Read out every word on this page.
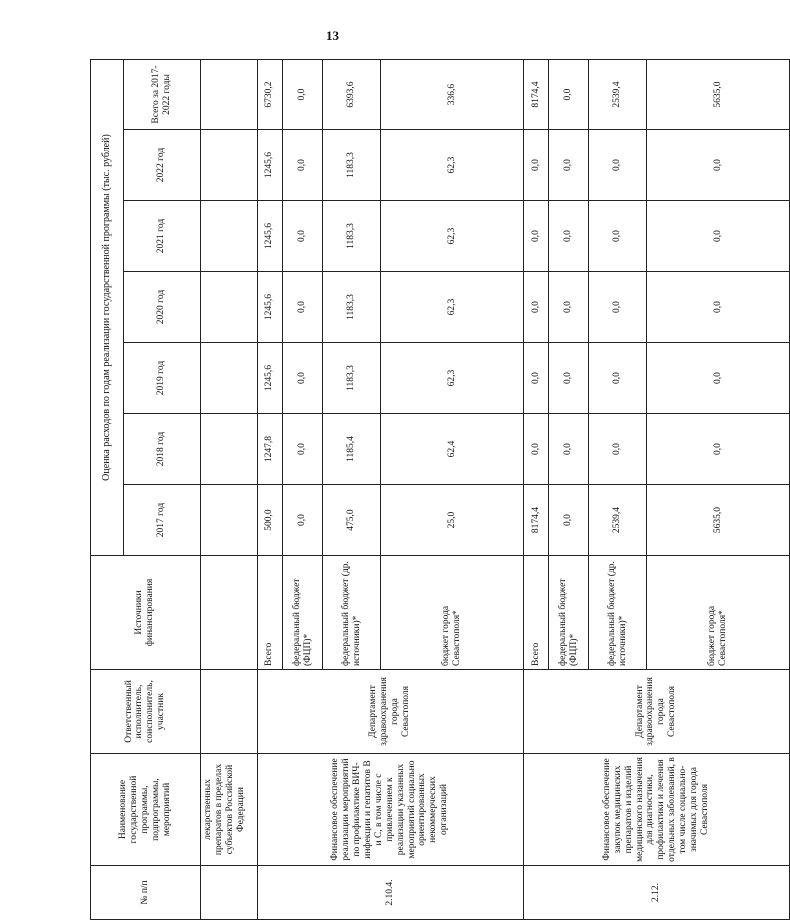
13
№ п/п	Наименование государственной программы, подпрограммы, мероприятий	Ответственный исполнитель, соисполнитель, участник	Источники финансирования	Оценка расходов по годам реализации государственной программы (тыс. рублей)						
				2017 год	2018 год	2019 год	2020 год	2021 год	2022 год	Всего за 2017-2022 годы
	лекарственных препаратов в пределах субъектов Российской Федерации									
2.10.4.	Финансовое обеспечение реализации мероприятий по профилактике ВИЧ-инфекции и гепатитов В и С, в том числе с привлечением к реализации указанных мероприятий социально ориентированных некоммерческих организаций	Департамент здравоохранения города Севастополя	Всего	500,0	1247,8	1245,6	1245,6	1245,6	1245,6	6730,2
			федеральный бюджет (ФЦП)*	0,0	0,0	0,0	0,0	0,0	0,0	0,0
			федеральный бюджет (др. источники)*	475,0	1185,4	1183,3	1183,3	1183,3	1183,3	6393,6
			бюджет города Севастополя*	25,0	62,4	62,3	62,3	62,3	62,3	336,6
2.12.	Финансовое обеспечение закупок медицинских препаратов и изделий медицинского назначения для диагностики, профилактики и лечения отдельных заболеваний, в том числе социально-значимых для города Севастополя	Департамент здравоохранения города Севастополя	Всего	8174,4	0,0	0,0	0,0	0,0	0,0	8174,4
			федеральный бюджет (ФЦП)*	0,0	0,0	0,0	0,0	0,0	0,0	0,0
			федеральный бюджет (др. источники)*	2539,4	0,0	0,0	0,0	0,0	0,0	2539,4
			бюджет города Севастополя*	5635,0	0,0	0,0	0,0	0,0	0,0	5635,0
